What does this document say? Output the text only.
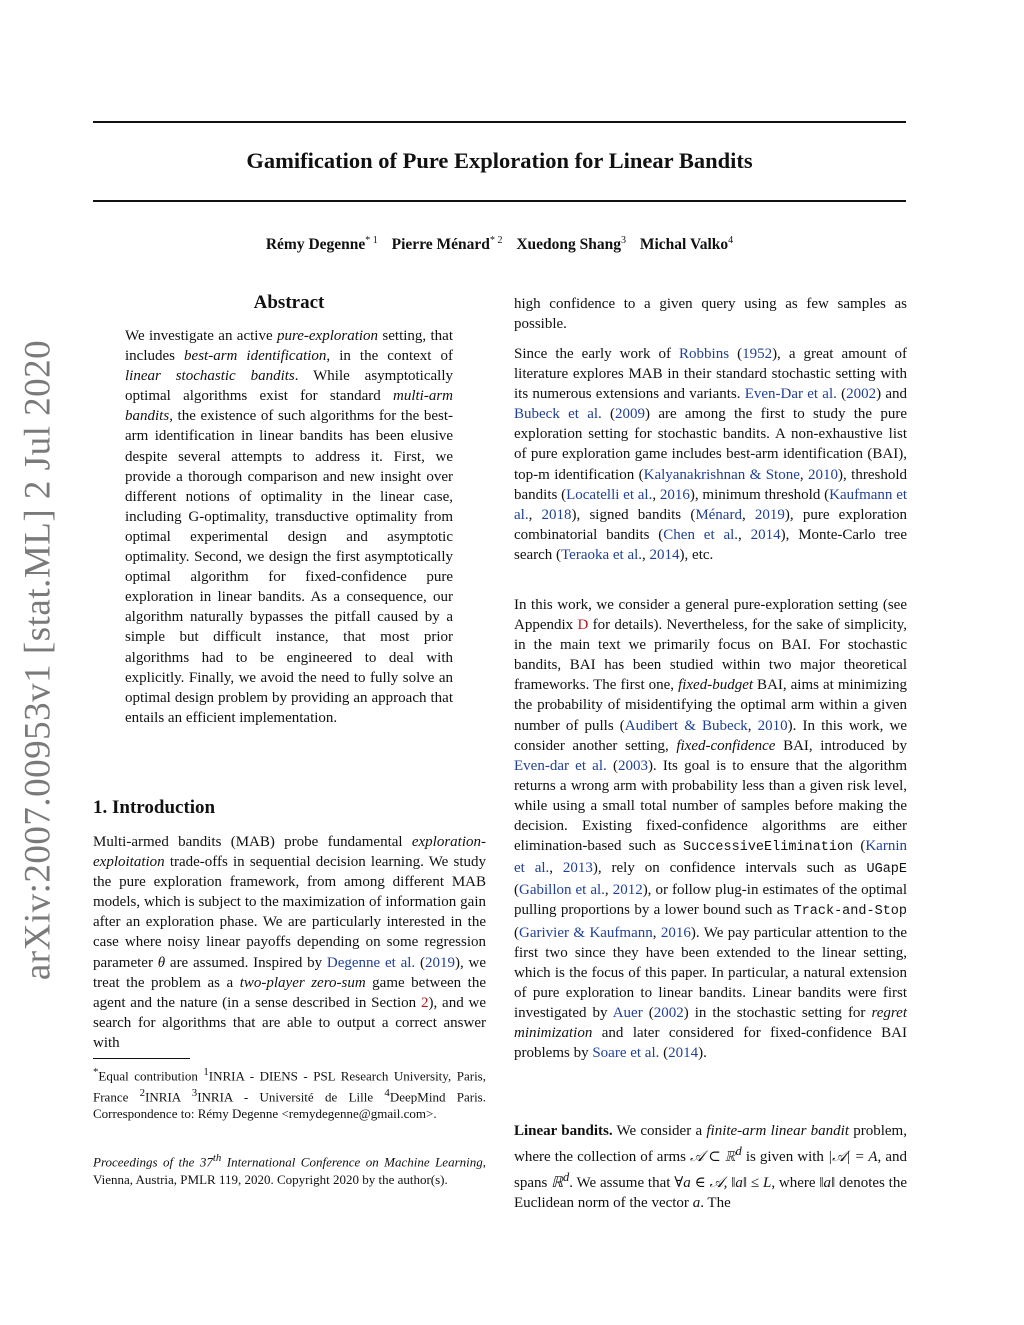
Gamification of Pure Exploration for Linear Bandits
Rémy Degenne$^{* 1}$ Pierre Ménard$^{* 2}$ Xuedong Shang$^3$ Michal Valko$^4$
arXiv:2007.00953v1 [stat.ML] 2 Jul 2020
Abstract
We investigate an active pure-exploration setting, that includes best-arm identification, in the context of linear stochastic bandits. While asymptotically optimal algorithms exist for standard multi-arm bandits, the existence of such algorithms for the best-arm identification in linear bandits has been elusive despite several attempts to address it. First, we provide a thorough comparison and new insight over different notions of optimality in the linear case, including G-optimality, transductive optimality from optimal experimental design and asymptotic optimality. Second, we design the first asymptotically optimal algorithm for fixed-confidence pure exploration in linear bandits. As a consequence, our algorithm naturally bypasses the pitfall caused by a simple but difficult instance, that most prior algorithms had to be engineered to deal with explicitly. Finally, we avoid the need to fully solve an optimal design problem by providing an approach that entails an efficient implementation.
1. Introduction
Multi-armed bandits (MAB) probe fundamental exploration-exploitation trade-offs in sequential decision learning. We study the pure exploration framework, from among different MAB models, which is subject to the maximization of information gain after an exploration phase. We are particularly interested in the case where noisy linear payoffs depending on some regression parameter θ are assumed. Inspired by Degenne et al. (2019), we treat the problem as a two-player zero-sum game between the agent and the nature (in a sense described in Section 2), and we search for algorithms that are able to output a correct answer with
*Equal contribution $^1$INRIA - DIENS - PSL Research University, Paris, France $^2$INRIA $^3$INRIA - Université de Lille $^4$DeepMind Paris. Correspondence to: Rémy Degenne <remydegenne@gmail.com>.
Proceedings of the 37th International Conference on Machine Learning, Vienna, Austria, PMLR 119, 2020. Copyright 2020 by the author(s).
high confidence to a given query using as few samples as possible.
Since the early work of Robbins (1952), a great amount of literature explores MAB in their standard stochastic setting with its numerous extensions and variants. Even-Dar et al. (2002) and Bubeck et al. (2009) are among the first to study the pure exploration setting for stochastic bandits. A non-exhaustive list of pure exploration game includes best-arm identification (BAI), top-m identification (Kalyanakrishnan & Stone, 2010), threshold bandits (Locatelli et al., 2016), minimum threshold (Kaufmann et al., 2018), signed bandits (Ménard, 2019), pure exploration combinatorial bandits (Chen et al., 2014), Monte-Carlo tree search (Teraoka et al., 2014), etc.
In this work, we consider a general pure-exploration setting (see Appendix D for details). Nevertheless, for the sake of simplicity, in the main text we primarily focus on BAI. For stochastic bandits, BAI has been studied within two major theoretical frameworks. The first one, fixed-budget BAI, aims at minimizing the probability of misidentifying the optimal arm within a given number of pulls (Audibert & Bubeck, 2010). In this work, we consider another setting, fixed-confidence BAI, introduced by Even-dar et al. (2003). Its goal is to ensure that the algorithm returns a wrong arm with probability less than a given risk level, while using a small total number of samples before making the decision. Existing fixed-confidence algorithms are either elimination-based such as SuccessiveElimination (Karnin et al., 2013), rely on confidence intervals such as UGapE (Gabillon et al., 2012), or follow plug-in estimates of the optimal pulling proportions by a lower bound such as Track-and-Stop (Garivier & Kaufmann, 2016). We pay particular attention to the first two since they have been extended to the linear setting, which is the focus of this paper. In particular, a natural extension of pure exploration to linear bandits. Linear bandits were first investigated by Auer (2002) in the stochastic setting for regret minimization and later considered for fixed-confidence BAI problems by Soare et al. (2014).
Linear bandits. We consider a finite-arm linear bandit problem, where the collection of arms 𝒜 ⊂ ℝ$^d$ is given with |𝒜| = A, and spans ℝ$^d$. We assume that ∀a ∈ 𝒜, ‖a‖ ≤ L, where ‖a‖ denotes the Euclidean norm of the vector a. The
